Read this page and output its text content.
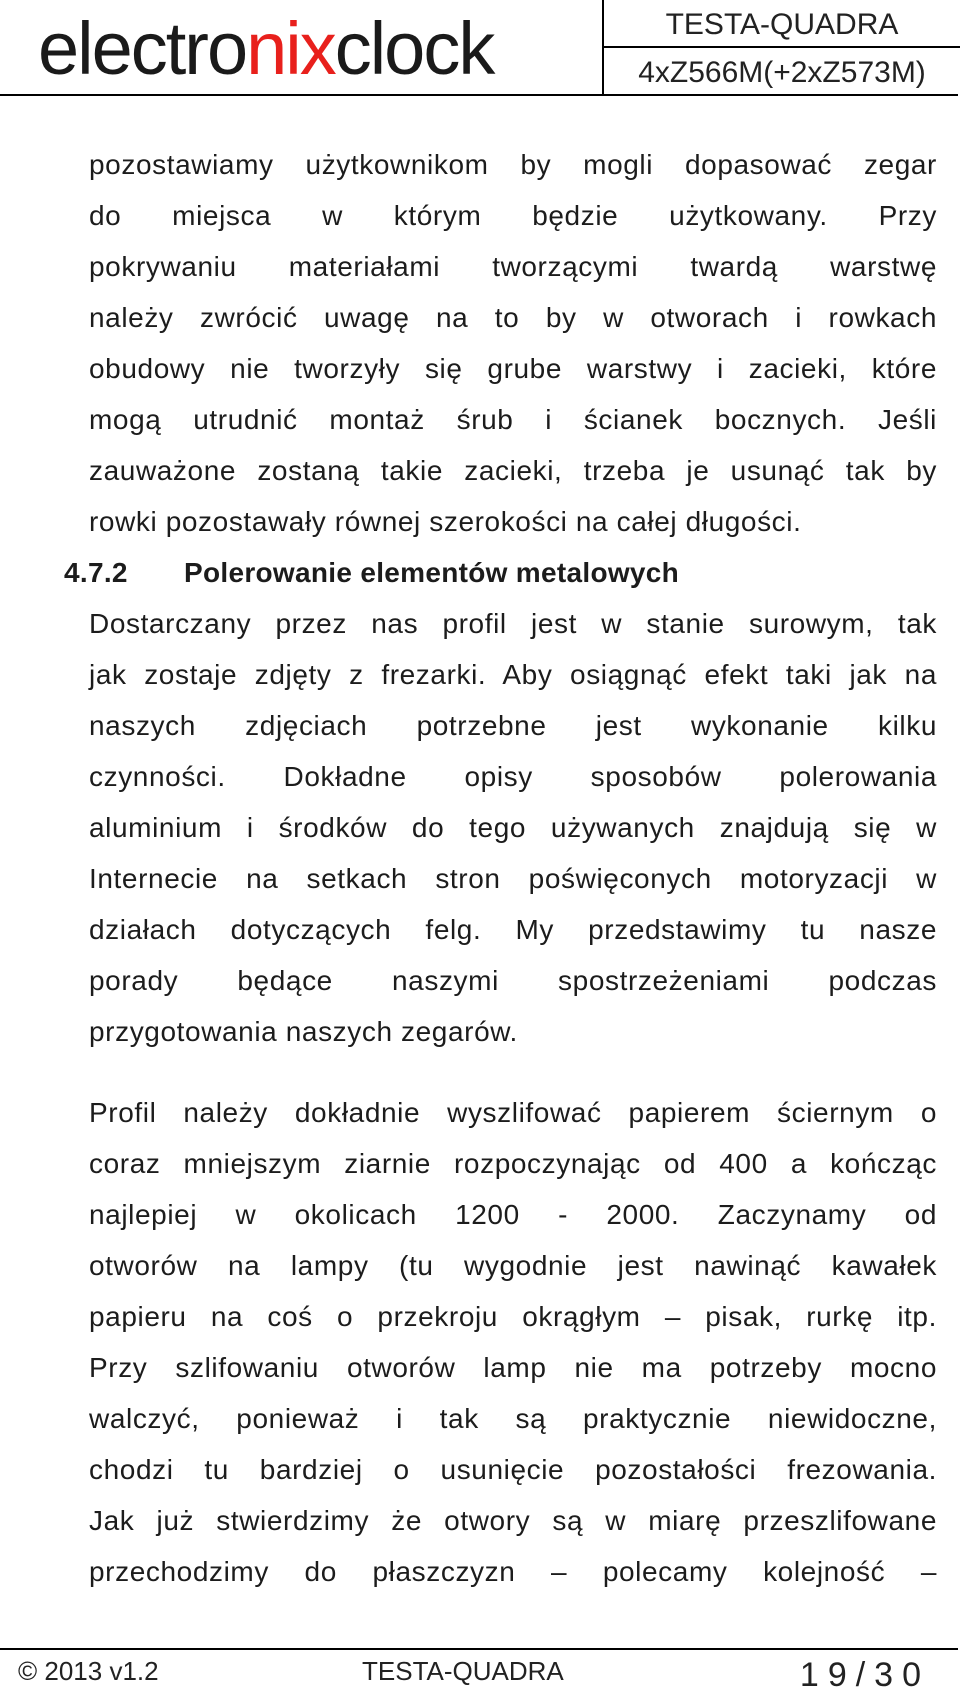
electronixclock	TESTA-QUADRA
4xZ566M(+2xZ573M)

pozostawiamy użytkownikom by mogli dopasować zegar
do miejsca w którym będzie użytkowany. Przy
pokrywaniu materiałami tworzącymi twardą warstwę
należy zwrócić uwagę na to by w otworach i rowkach
obudowy nie tworzyły się grube warstwy i zacieki, które
mogą utrudnić montaż śrub i ścianek bocznych. Jeśli
zauważone zostaną takie zacieki, trzeba je usunąć tak by
rowki pozostawały równej szerokości na całej długości.

4.7.2 Polerowanie elementów metalowych

Dostarczany przez nas profil jest w stanie surowym, tak
jak zostaje zdjęty z frezarki. Aby osiągnąć efekt taki jak na
naszych zdjęciach potrzebne jest wykonanie kilku
czynności. Dokładne opisy sposobów polerowania
aluminium i środków do tego używanych znajdują się w
Internecie na setkach stron poświęconych motoryzacji w
działach dotyczących felg. My przedstawimy tu nasze
porady będące naszymi spostrzeżeniami podczas
przygotowania naszych zegarów.

Profil należy dokładnie wyszlifować papierem ściernym o
coraz mniejszym ziarnie rozpoczynając od 400 a kończąc
najlepiej w okolicach 1200 - 2000. Zaczynamy od
otworów na lampy (tu wygodnie jest nawinąć kawałek
papieru na coś o przekroju okrągłym – pisak, rurkę itp.
Przy szlifowaniu otworów lamp nie ma potrzeby mocno
walczyć, ponieważ i tak są praktycznie niewidoczne,
chodzi tu bardziej o usunięcie pozostałości frezowania.
Jak już stwierdzimy że otwory są w miarę przeszlifowane
przechodzimy do płaszczyzn – polecamy kolejność –

© 2013 v1.2	TESTA-QUADRA	19/30
